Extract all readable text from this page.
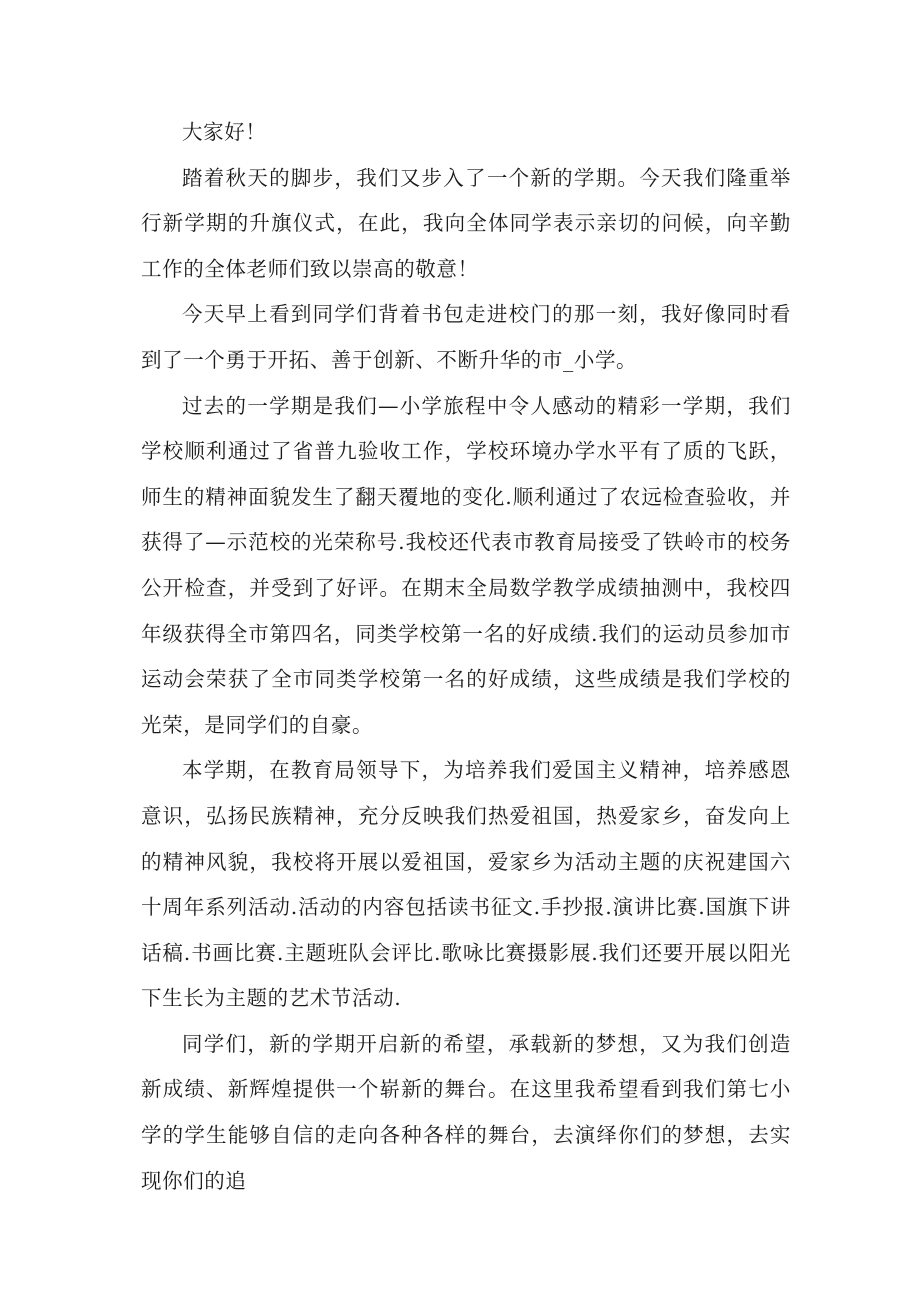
大家好！

踏着秋天的脚步，我们又步入了一个新的学期。今天我们隆重举行新学期的升旗仪式，在此，我向全体同学表示亲切的问候，向辛勤工作的全体老师们致以崇高的敬意！

今天早上看到同学们背着书包走进校门的那一刻，我好像同时看到了一个勇于开拓、善于创新、不断升华的市_小学。

过去的一学期是我们—小学旅程中令人感动的精彩一学期，我们学校顺利通过了省普九验收工作，学校环境办学水平有了质的飞跃，师生的精神面貌发生了翻天覆地的变化.顺利通过了农远检查验收，并获得了—示范校的光荣称号.我校还代表市教育局接受了铁岭市的校务公开检查，并受到了好评。在期末全局数学教学成绩抽测中，我校四年级获得全市第四名，同类学校第一名的好成绩.我们的运动员参加市运动会荣获了全市同类学校第一名的好成绩，这些成绩是我们学校的光荣，是同学们的自豪。

本学期，在教育局领导下，为培养我们爱国主义精神，培养感恩意识，弘扬民族精神，充分反映我们热爱祖国，热爱家乡，奋发向上的精神风貌，我校将开展以爱祖国，爱家乡为活动主题的庆祝建国六十周年系列活动.活动的内容包括读书征文.手抄报.演讲比赛.国旗下讲话稿.书画比赛.主题班队会评比.歌咏比赛摄影展.我们还要开展以阳光下生长为主题的艺术节活动.

同学们，新的学期开启新的希望，承载新的梦想，又为我们创造新成绩、新辉煌提供一个崭新的舞台。在这里我希望看到我们第七小学的学生能够自信的走向各种各样的舞台，去演绎你们的梦想，去实现你们的追
